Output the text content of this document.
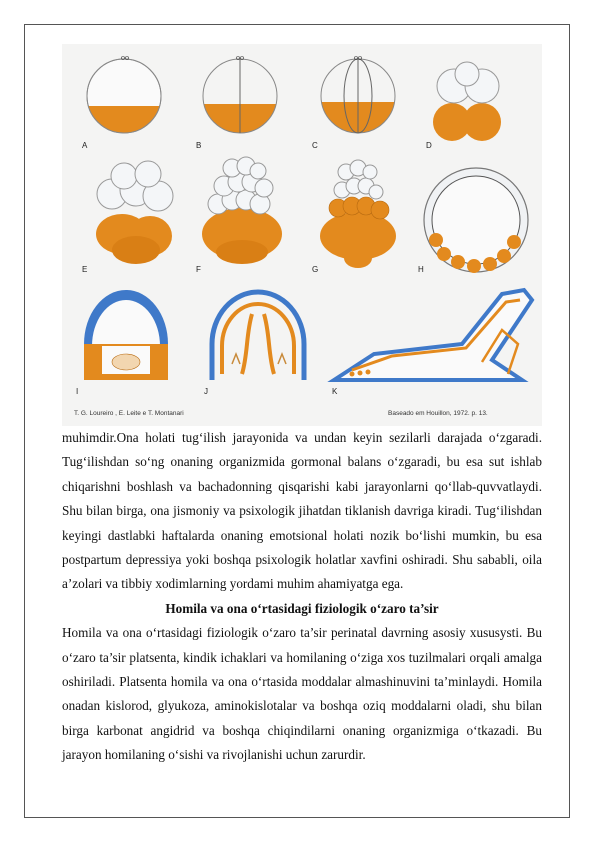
oo	oo	oo
A	B	C	D
E	F	G	H
I	J	K
T. G. Loureiro , E. Leite e T. Montanari	Baseado em Houillon, 1972. p. 13.

muhimdir.Ona holati tug‘ilish jarayonida va undan keyin sezilarli darajada o‘zgaradi. Tug‘ilishdan so‘ng onaning organizmida gormonal balans o‘zgaradi, bu esa sut ishlab chiqarishni boshlash va bachadonning qisqarishi kabi jarayonlarni qo‘llab-quvvatlaydi. Shu bilan birga, ona jismoniy va psixologik jihatdan tiklanish davriga kiradi. Tug‘ilishdan keyingi dastlabki haftalarda onaning emotsional holati nozik bo‘lishi mumkin, bu esa postpartum depressiya yoki boshqa psixologik holatlar xavfini oshiradi. Shu sababli, oila a’zolari va tibbiy xodimlarning yordami muhim ahamiyatga ega.

Homila va ona o‘rtasidagi fiziologik o‘zaro ta’sir

Homila va ona o‘rtasidagi fiziologik o‘zaro ta’sir perinatal davrning asosiy xususysti. Bu o‘zaro ta’sir platsenta, kindik ichaklari va homilaning o‘ziga xos tuzilmalari orqali amalga oshiriladi. Platsenta homila va ona o‘rtasida moddalar almashinuvini ta’minlaydi. Homila onadan kislorod, glyukoza, aminokislotalar va boshqa oziq moddalarni oladi, shu bilan birga karbonat angidrid va boshqa chiqindilarni onaning organizmiga o‘tkazadi. Bu jarayon homilaning o‘sishi va rivojlanishi uchun zarurdir.
